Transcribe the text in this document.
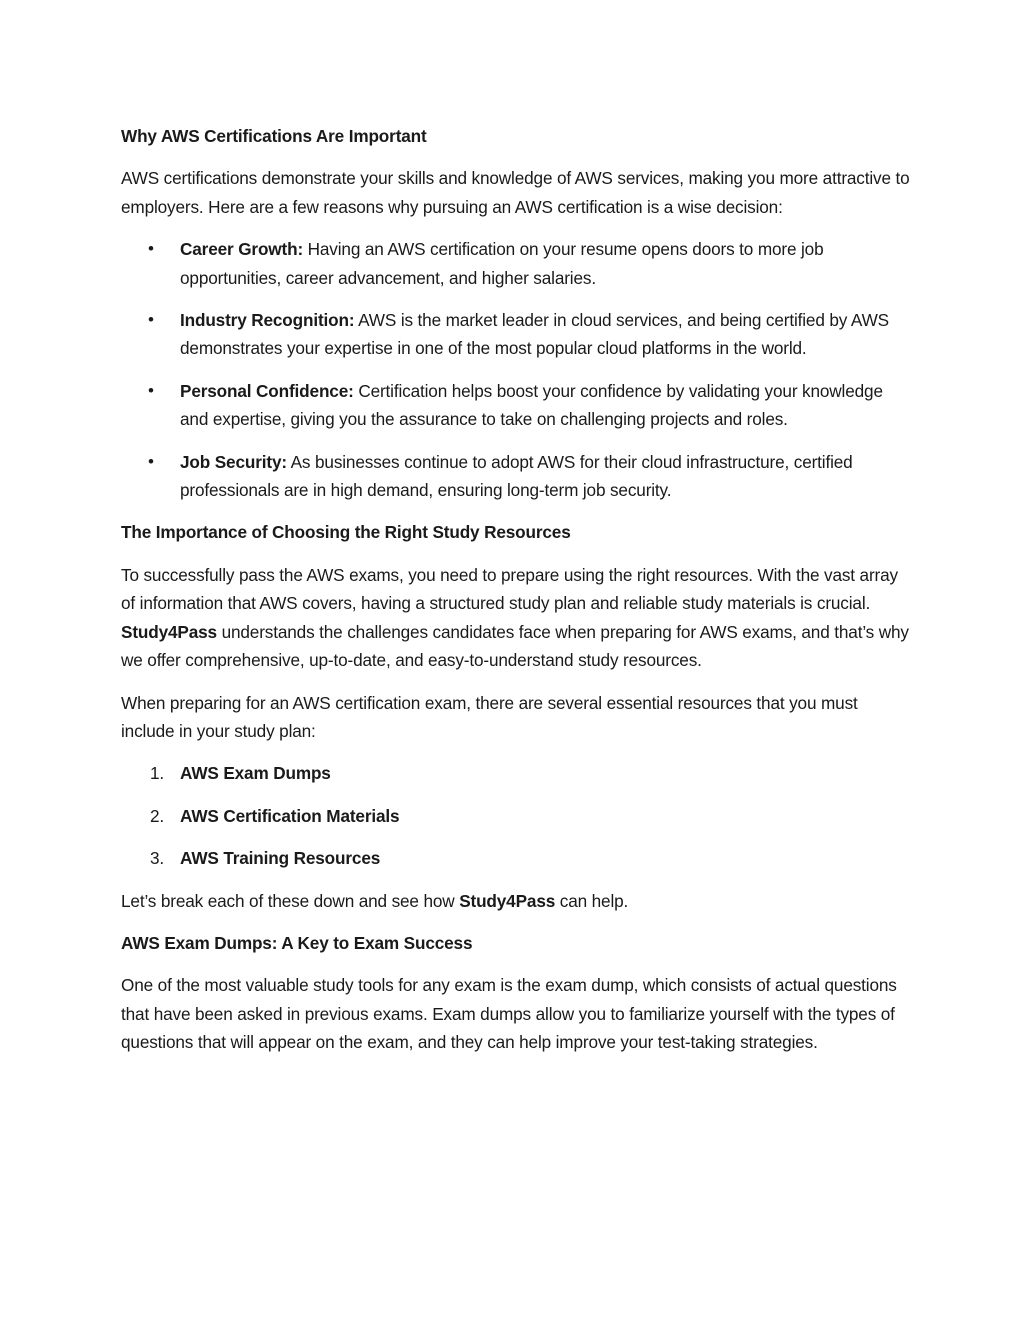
Why AWS Certifications Are Important
AWS certifications demonstrate your skills and knowledge of AWS services, making you more attractive to employers. Here are a few reasons why pursuing an AWS certification is a wise decision:
• Career Growth: Having an AWS certification on your resume opens doors to more job opportunities, career advancement, and higher salaries.
• Industry Recognition: AWS is the market leader in cloud services, and being certified by AWS demonstrates your expertise in one of the most popular cloud platforms in the world.
• Personal Confidence: Certification helps boost your confidence by validating your knowledge and expertise, giving you the assurance to take on challenging projects and roles.
• Job Security: As businesses continue to adopt AWS for their cloud infrastructure, certified professionals are in high demand, ensuring long-term job security.
The Importance of Choosing the Right Study Resources
To successfully pass the AWS exams, you need to prepare using the right resources. With the vast array of information that AWS covers, having a structured study plan and reliable study materials is crucial. Study4Pass understands the challenges candidates face when preparing for AWS exams, and that’s why we offer comprehensive, up-to-date, and easy-to-understand study resources.
When preparing for an AWS certification exam, there are several essential resources that you must include in your study plan:
1. AWS Exam Dumps
2. AWS Certification Materials
3. AWS Training Resources
Let’s break each of these down and see how Study4Pass can help.
AWS Exam Dumps: A Key to Exam Success
One of the most valuable study tools for any exam is the exam dump, which consists of actual questions that have been asked in previous exams. Exam dumps allow you to familiarize yourself with the types of questions that will appear on the exam, and they can help improve your test-taking strategies.
